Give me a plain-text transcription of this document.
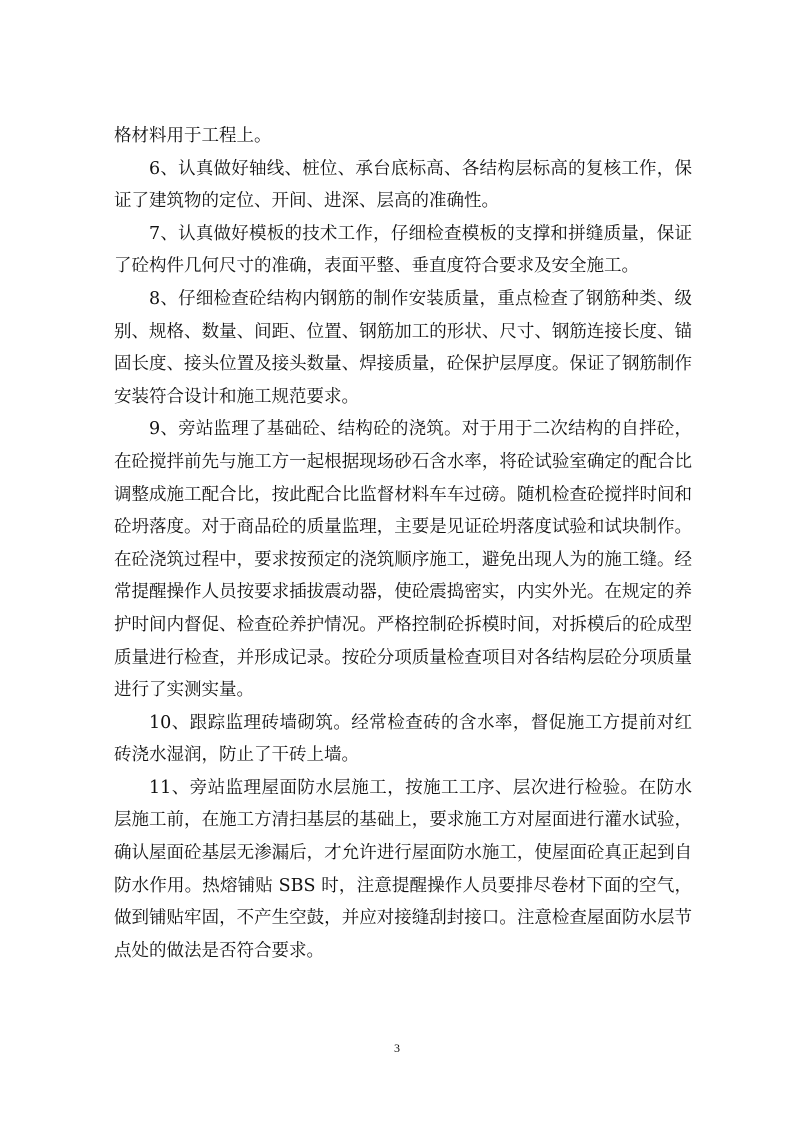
格材料用于工程上。

6、认真做好轴线、桩位、承台底标高、各结构层标高的复核工作，保证了建筑物的定位、开间、进深、层高的准确性。

7、认真做好模板的技术工作，仔细检查模板的支撑和拼缝质量，保证了砼构件几何尺寸的准确，表面平整、垂直度符合要求及安全施工。

8、仔细检查砼结构内钢筋的制作安装质量，重点检查了钢筋种类、级别、规格、数量、间距、位置、钢筋加工的形状、尺寸、钢筋连接长度、锚固长度、接头位置及接头数量、焊接质量，砼保护层厚度。保证了钢筋制作安装符合设计和施工规范要求。

9、旁站监理了基础砼、结构砼的浇筑。对于用于二次结构的自拌砼，在砼搅拌前先与施工方一起根据现场砂石含水率，将砼试验室确定的配合比调整成施工配合比，按此配合比监督材料车车过磅。随机检查砼搅拌时间和砼坍落度。对于商品砼的质量监理，主要是见证砼坍落度试验和试块制作。在砼浇筑过程中，要求按预定的浇筑顺序施工，避免出现人为的施工缝。经常提醒操作人员按要求插拔震动器，使砼震捣密实，内实外光。在规定的养护时间内督促、检查砼养护情况。严格控制砼拆模时间，对拆模后的砼成型质量进行检查，并形成记录。按砼分项质量检查项目对各结构层砼分项质量进行了实测实量。

10、跟踪监理砖墙砌筑。经常检查砖的含水率，督促施工方提前对红砖浇水湿润，防止了干砖上墙。

11、旁站监理屋面防水层施工，按施工工序、层次进行检验。在防水层施工前，在施工方清扫基层的基础上，要求施工方对屋面进行灌水试验，确认屋面砼基层无渗漏后，才允许进行屋面防水施工，使屋面砼真正起到自防水作用。热熔铺贴 SBS 时，注意提醒操作人员要排尽卷材下面的空气，做到铺贴牢固，不产生空鼓，并应对接缝刮封接口。注意检查屋面防水层节点处的做法是否符合要求。

3
